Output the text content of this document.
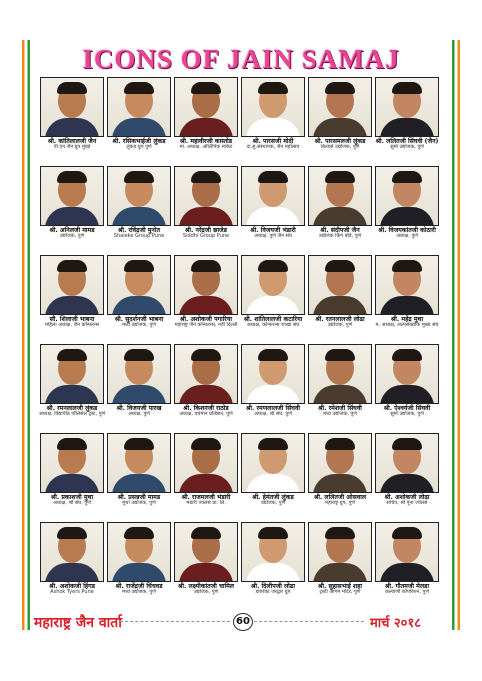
ICONS OF JAIN SAMAJ
श्री. कांतिलालजी जैन
पी.एन.जैन ग्रुप मुंबई
श्री. रसिकभाईजी लुंकड
लुंकड ग्रुप पुणे
श्री. महावीरजी कास्तोड
मा. अध्यक्ष, ऑलिंपिक मार्केट
श्री. पारसजी मोदी
दा.सु.संस्थापक, जैन महोत्सव
श्री. पारसमलजी लुंकड
बिल्डर्स उद्योजक, पुणे
श्री. ललितजी सिंघवी (जैन)
सुमो उद्योजक, पुणे
श्री. अनिलजी मामड
उद्योजक, पुणे
श्री. रविंद्रजी मुनोत
Shaleke Group Pune
श्री. नरेंद्रजी छाजेड
Siddhi Group Pune
श्री. विजयजी भंडारी
अध्यक्ष, पुणे जैन संघ
श्री. संदीपजी जैन
उद्योजक किंग बोर्ड, पुणे
श्री. विजयकांतजी कोठारी
अध्यक्ष, पुणे
सौ. शिलाजी भाबना
महिला अध्यक्ष, जैन कॉन्फरन्स
श्री. सुदर्शनजी भाबना
मध्य उद्योजक, पुणे
श्री. अशोकजी पगारिया
महाराष्ट्र जैन कॉन्फरन्स, नवी दिल्ली
श्री. शांतिलालजी कटारिया
अध्यक्ष, कॉन्फरन्स शाखा संघ
श्री. रतनलालजी लोढा
उद्योजक, पुणे
श्री. महेंद्र मुथा
म. अध्यक्ष, अल्पसंख्यांक मुख्य संघ
श्री. रमनलालजी लुंकड
अध्यक्ष, विद्यापीठ पॉलिसेल ट्रस्ट, पुणे
श्री. विजयजी पारख
अध्यक्ष, पुणे
श्री. किशनजी राठोड
अध्यक्ष, वर्धमान प्रतिष्ठान, पुणे
श्री. रमणलालजी सिंघवी
अध्यक्ष, श्री संघ, पुणे
श्री. रमेशजी सिंघवी
मध्य उद्योजक, पुणे
श्री. ऐश्वर्यजी सिंघवी
सुमो उद्योजक, पुणे
श्री. प्रकाशजी मुथा
अध्यक्ष, श्री संघ, पुणे
श्री. प्रसन्नजी मामड
मुथा उद्योजक, पुणे
श्री. राजमलजी भंडारी
भंडारी ज्वलर्स प्रा. लि.
श्री. हेमंतजी लुंकड
उद्योजक, पुणे
श्री. ललितजी ओसवाल
महाराष्ट्र ग्रुप, पुणे
श्री. अशोकजी लोढा
सचिव, श्री पूना ज्वेलर्स
श्री. अशोकजी हिंगड
Ashok Tyers Pune
श्री. राजेंद्रजी चिंचवड
मध्य उद्योजक, पुणे
श्री. लक्ष्मीकांतजी चामिल
उद्योजक, पुणे
श्री. दिलीपजी लोढा
डायरेक्ट जरद्वार ग्रुप
श्री. सुहासभाई शहा
ट्रस्टी आगम मंदिर, पुणे
श्री. गौतमजी मेलडा
कल्याणी कॉर्पोरेशन, पुणे
महाराष्ट्र जैन वार्ता	60	मार्च २०१८
